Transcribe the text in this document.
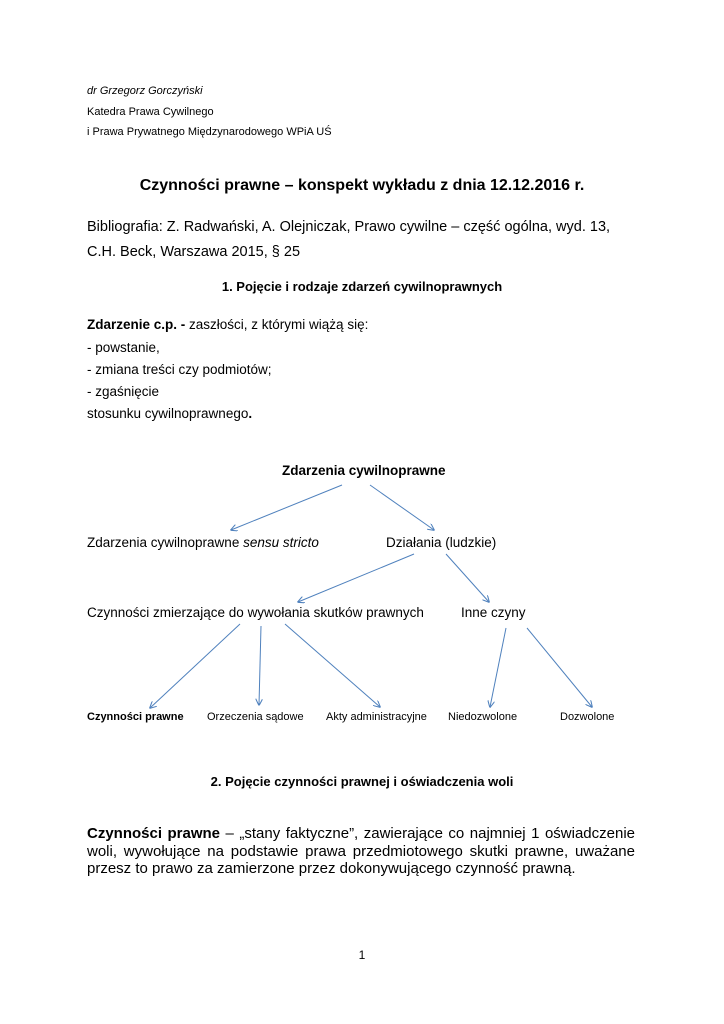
dr Grzegorz Gorczyński
Katedra Prawa Cywilnego
i Prawa Prywatnego Międzynarodowego WPiA UŚ
Czynności prawne – konspekt wykładu z dnia 12.12.2016 r.
Bibliografia: Z. Radwański, A. Olejniczak, Prawo cywilne – część ogólna, wyd. 13,
C.H. Beck, Warszawa 2015, § 25
1. Pojęcie i rodzaje zdarzeń cywilnoprawnych
Zdarzenie c.p. - zaszłości, z którymi wiążą się:
- powstanie,
- zmiana treści czy podmiotów;
- zgaśnięcie
stosunku cywilnoprawnego.
Zdarzenia cywilnoprawne
Zdarzenia cywilnoprawne sensu stricto	Działania (ludzkie)
Czynności zmierzające do wywołania skutków prawnych	Inne czyny
Czynności prawne Orzeczenia sądowe Akty administracyjne Niedozwolone	Dozwolone
2. Pojęcie czynności prawnej i oświadczenia woli
Czynności prawne – „stany faktyczne”, zawierające co najmniej 1 oświadczenie woli, wywołujące na podstawie prawa przedmiotowego skutki prawne, uważane przesz to prawo za zamierzone przez dokonywującego czynność prawną.
1
